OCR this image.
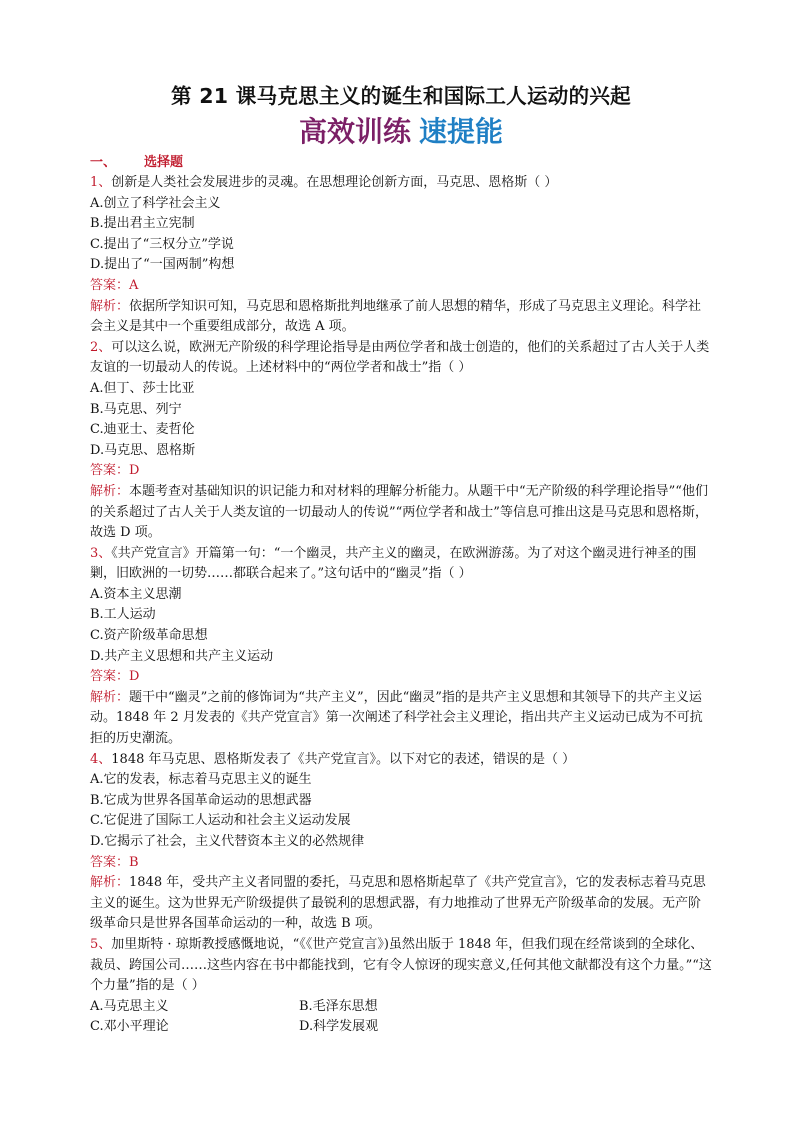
第 21 课马克思主义的诞生和国际工人运动的兴起
高效训练 速提能
一、 选择题

1、创新是人类社会发展进步的灵魂。在思想理论创新方面，马克思、恩格斯（ ）

A.创立了科学社会主义

B.提出君主立宪制

C.提出了“三权分立”学说

D.提出了“一国两制”构想

答案：A

解析：依据所学知识可知，马克思和恩格斯批判地继承了前人思想的精华，形成了马克思主义理论。科学社会主义是其中一个重要组成部分，故选 A 项。

2、可以这么说，欧洲无产阶级的科学理论指导是由两位学者和战士创造的，他们的关系超过了古人关于人类友谊的一切最动人的传说。上述材料中的“两位学者和战士”指（ ）

A.但丁、莎士比亚

B.马克思、列宁

C.迪亚士、麦哲伦

D.马克思、恩格斯

答案：D

解析：本题考查对基础知识的识记能力和对材料的理解分析能力。从题干中“无产阶级的科学理论指导”“他们的关系超过了古人关于人类友谊的一切最动人的传说”“两位学者和战士”等信息可推出这是马克思和恩格斯，故选 D 项。

3、《共产党宣言》开篇第一句：“一个幽灵，共产主义的幽灵，在欧洲游荡。为了对这个幽灵进行神圣的围剿，旧欧洲的一切势……都联合起来了。”这句话中的“幽灵”指（ ）

A.资本主义思潮

B.工人运动

C.资产阶级革命思想

D.共产主义思想和共产主义运动

答案：D

解析：题干中“幽灵”之前的修饰词为“共产主义”，因此“幽灵”指的是共产主义思想和其领导下的共产主义运动。1848 年 2 月发表的《共产党宣言》第一次阐述了科学社会主义理论，指出共产主义运动已成为不可抗拒的历史潮流。

4、1848 年马克思、恩格斯发表了《共产党宣言》。以下对它的表述，错误的是（ ）

A.它的发表，标志着马克思主义的诞生

B.它成为世界各国革命运动的思想武器

C.它促进了国际工人运动和社会主义运动发展

D.它揭示了社会，主义代替资本主义的必然规律

答案：B

解析：1848 年，受共产主义者同盟的委托，马克思和恩格斯起草了《共产党宣言》，它的发表标志着马克思主义的诞生。这为世界无产阶级提供了最锐利的思想武器，有力地推动了世界无产阶级革命的发展。无产阶级革命只是世界各国革命运动的一种，故选 B 项。

5、加里斯特 · 琼斯教授感慨地说，“《《世产党宣言》)虽然出版于 1848 年，但我们现在经常谈到的全球化、裁员、跨国公司……这些内容在书中都能找到，它有令人惊讶的现实意义,任何其他文献都没有这个力量。”“这个力量”指的是（ ）

A.马克思主义	B.毛泽东思想

C.邓小平理论	D.科学发展观
